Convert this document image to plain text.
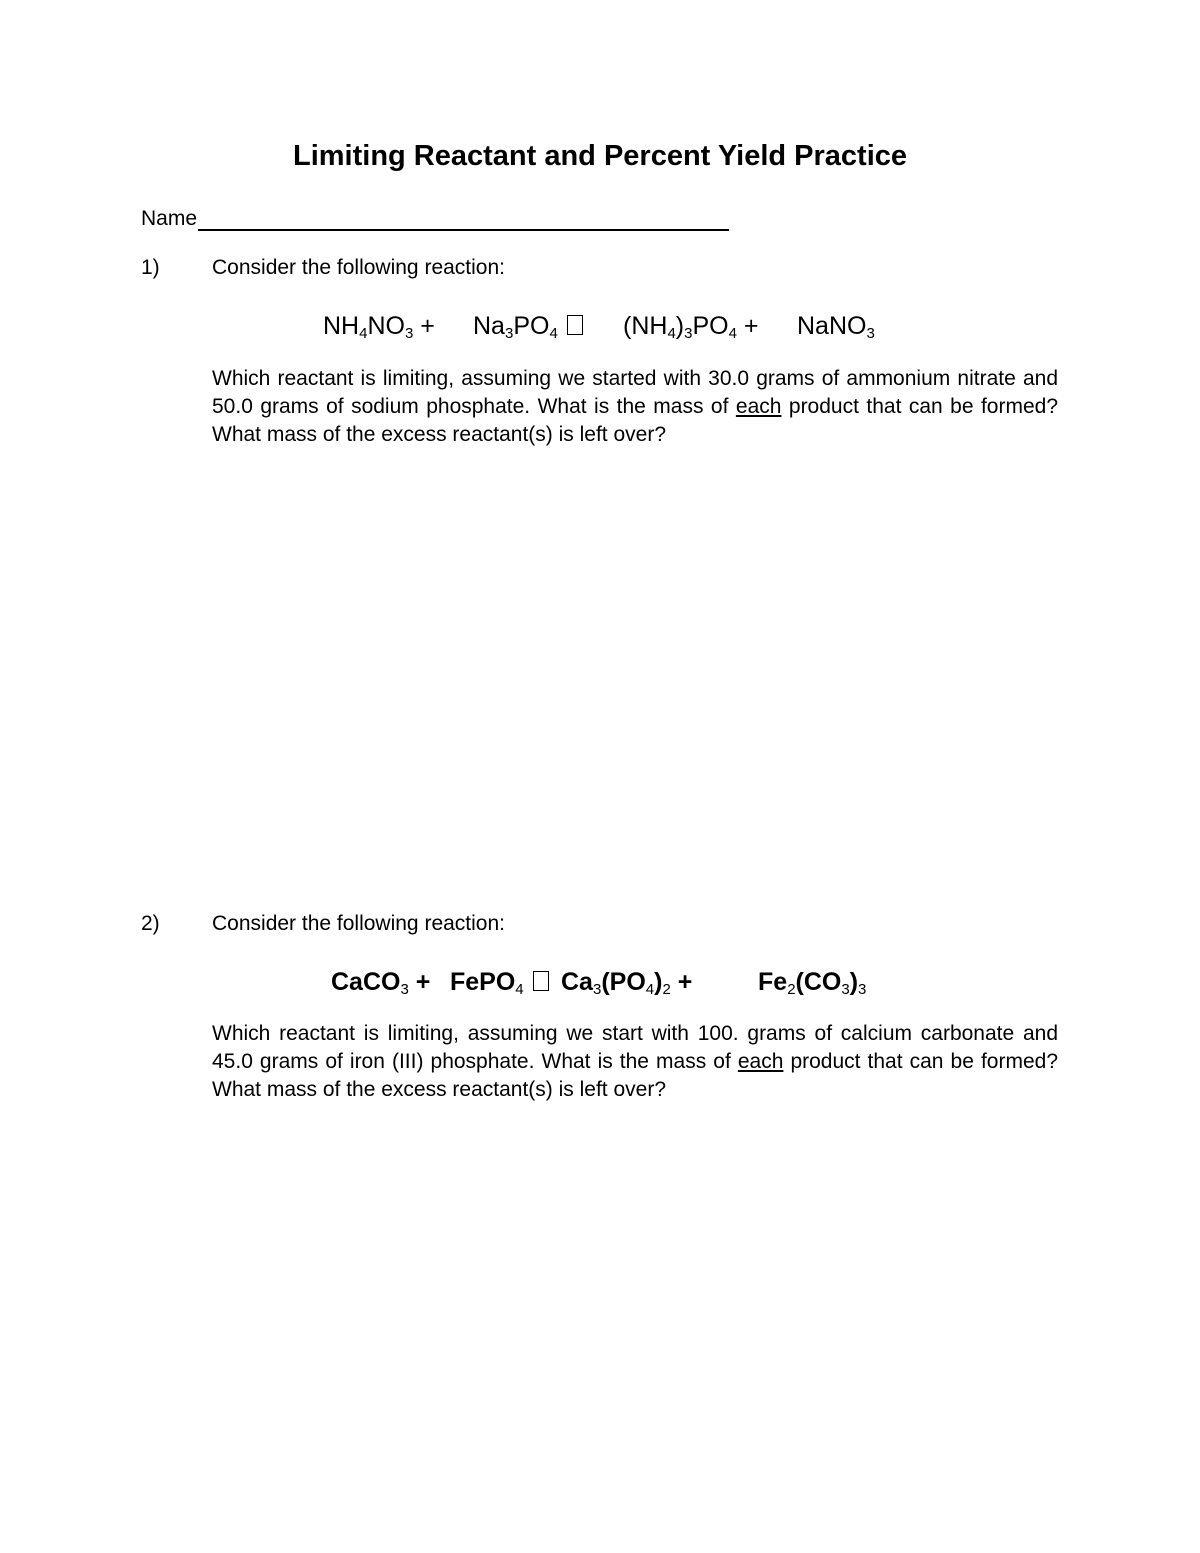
Limiting Reactant and Percent Yield Practice
Name
1) Consider the following reaction:
$NH_4NO_3 + Na_3PO_4$	$(NH_4)_3PO_4$ + NaNO$_3$

Which reactant is limiting, assuming we started with 30.0 grams of ammonium nitrate and 50.0 grams of sodium phosphate. What is the mass of each product that can be formed? What mass of the excess reactant(s) is left over?

2) Consider the following reaction:
CaCO$_3$ + FePO$_4$	$Ca_3(PO_4)_2$ +	$Fe_2(CO_3)_3$

Which reactant is limiting, assuming we start with 100. grams of calcium carbonate and 45.0 grams of iron (III) phosphate. What is the mass of each product that can be formed? What mass of the excess reactant(s) is left over?
